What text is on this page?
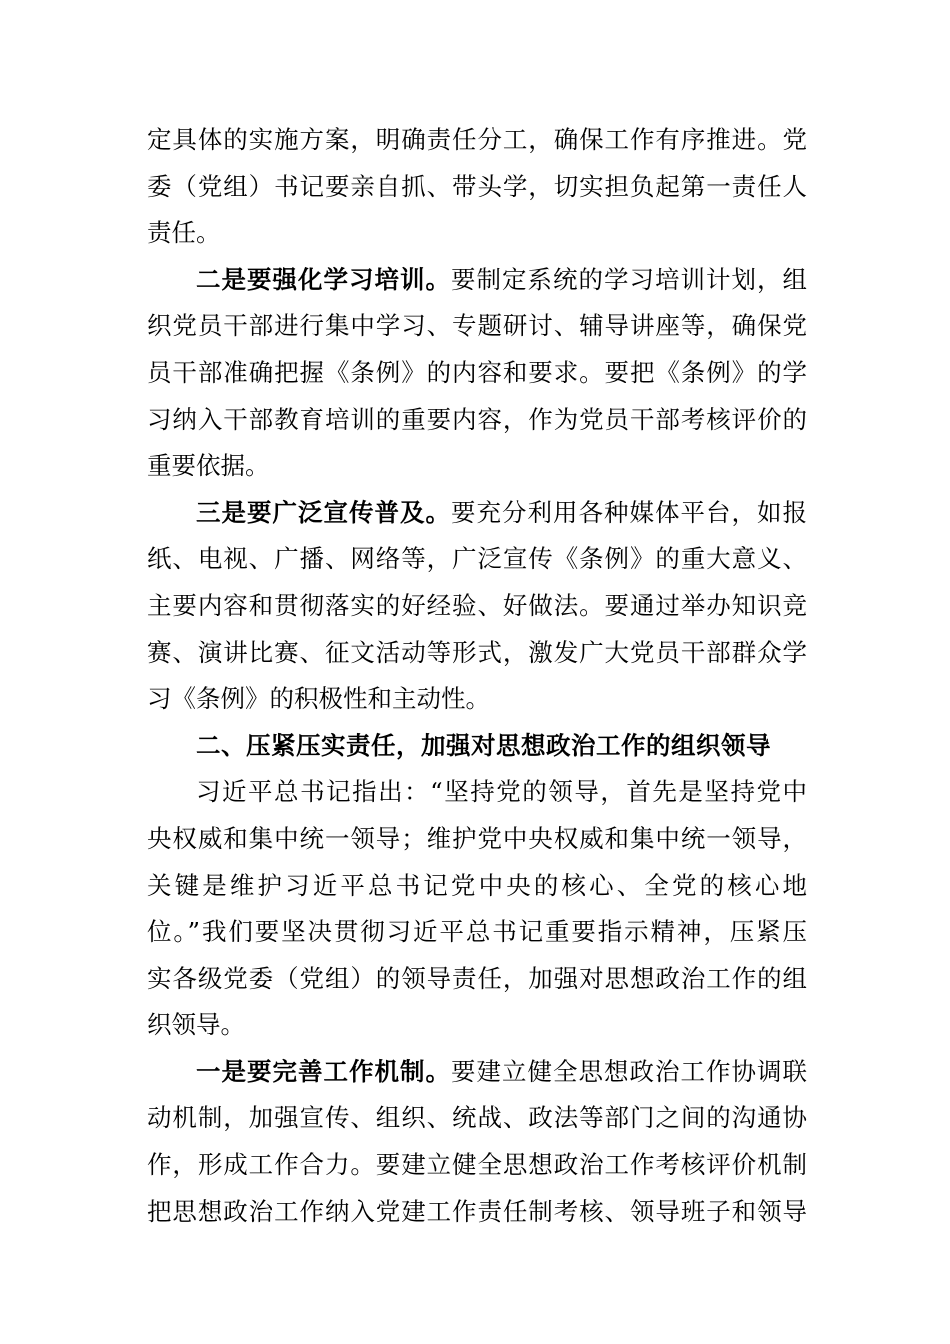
定具体的实施方案，明确责任分工，确保工作有序推进。党
委（党组）书记要亲自抓、带头学，切实担负起第一责任人
责任。
二是要强化学习培训。要制定系统的学习培训计划，组
织党员干部进行集中学习、专题研讨、辅导讲座等，确保党
员干部准确把握《条例》的内容和要求。要把《条例》的学
习纳入干部教育培训的重要内容，作为党员干部考核评价的
重要依据。
三是要广泛宣传普及。要充分利用各种媒体平台，如报
纸、电视、广播、网络等，广泛宣传《条例》的重大意义、
主要内容和贯彻落实的好经验、好做法。要通过举办知识竞
赛、演讲比赛、征文活动等形式，激发广大党员干部群众学
习《条例》的积极性和主动性。
二、压紧压实责任，加强对思想政治工作的组织领导
习近平总书记指出：“坚持党的领导，首先是坚持党中
央权威和集中统一领导；维护党中央权威和集中统一领导，
关键是维护习近平总书记党中央的核心、全党的核心地
位。”我们要坚决贯彻习近平总书记重要指示精神，压紧压
实各级党委（党组）的领导责任，加强对思想政治工作的组
织领导。
一是要完善工作机制。要建立健全思想政治工作协调联
动机制，加强宣传、组织、统战、政法等部门之间的沟通协
作，形成工作合力。要建立健全思想政治工作考核评价机制
把思想政治工作纳入党建工作责任制考核、领导班子和领导
